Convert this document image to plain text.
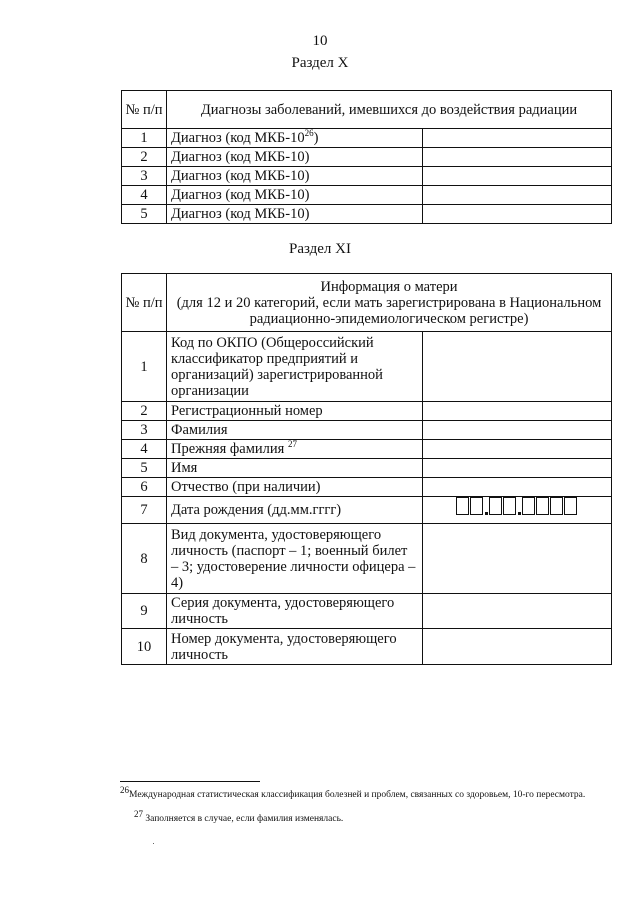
10
Раздел X
№ п/п	Диагнозы заболеваний, имевшихся до воздействия радиации	
1	Диагноз (код МКБ-$10^{26}$)	
2	Диагноз (код МКБ-10)	
3	Диагноз (код МКБ-10)	
4	Диагноз (код МКБ-10)	
5	Диагноз (код МКБ-10)	
Раздел XI
№ п/п	Информация о матери
(для 12 и 20 категорий, если мать зарегистрирована в Национальном радиационно-эпидемиологическом регистре)	

1	Код по ОКПО (Общероссийский классификатор предприятий и организаций) зарегистрированной организации	
2	Регистрационный номер	
3	Фамилия	
4	Прежняя фамилия $^{27}$	
5	Имя	
6	Отчество (при наличии)	
7	Дата рождения (дд.мм.гггг)	
8	Вид документа, удостоверяющего личность (паспорт – 1; военный билет – 3; удостоверение личности офицера – 4)	
9	Серия документа, удостоверяющего личность	
10	Номер документа, удостоверяющего личность	
$^{26}$Международная статистическая классификация болезней и проблем, связанных со здоровьем, 10-го пересмотра.
$^{27}$ Заполняется в случае, если фамилия изменялась.
